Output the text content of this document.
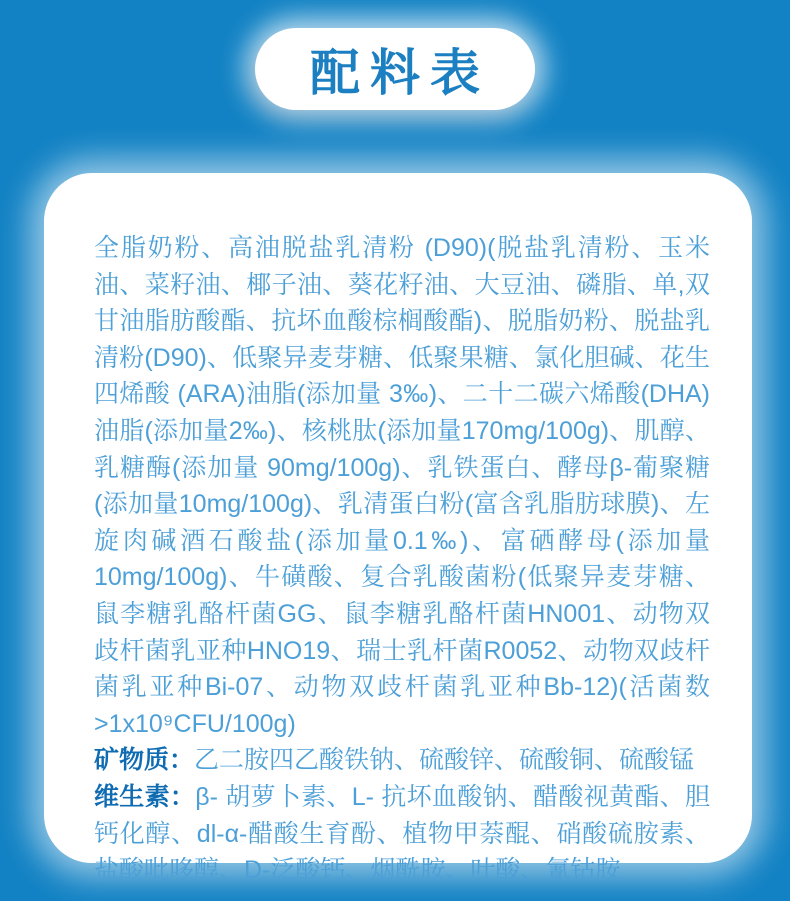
配料表

全脂奶粉、高油脱盐乳清粉 (D90)(脱盐乳清粉、玉米油、菜籽油、椰子油、葵花籽油、大豆油、磷脂、单,双甘油脂肪酸酯、抗坏血酸棕榈酸酯)、脱脂奶粉、脱盐乳清粉(D90)、低聚异麦芽糖、低聚果糖、氯化胆碱、花生四烯酸 (ARA)油脂(添加量 3‰)、二十二碳六烯酸(DHA)油脂(添加量2‰)、核桃肽(添加量170mg/100g)、肌醇、乳糖酶(添加量 90mg/100g)、乳铁蛋白、酵母β-葡聚糖(添加量10mg/100g)、乳清蛋白粉(富含乳脂肪球膜)、左旋肉碱酒石酸盐(添加量0.1‰)、富硒酵母(添加量10mg/100g)、牛磺酸、复合乳酸菌粉(低聚异麦芽糖、鼠李糖乳酪杆菌GG、鼠李糖乳酪杆菌HN001、动物双歧杆菌乳亚种HNO19、瑞士乳杆菌R0052、动物双歧杆菌乳亚种Bi-07、动物双歧杆菌乳亚种Bb-12)(活菌数>1x10⁹CFU/100g)

矿物质：乙二胺四乙酸铁钠、硫酸锌、硫酸铜、硫酸锰

维生素：β- 胡萝卜素、L- 抗坏血酸钠、醋酸视黄酯、胆钙化醇、dl-α-醋酸生育酚、植物甲萘醌、硝酸硫胺素、盐酸吡哆醇、D-泛酸钙、烟酰胺、叶酸、氰钴胺
